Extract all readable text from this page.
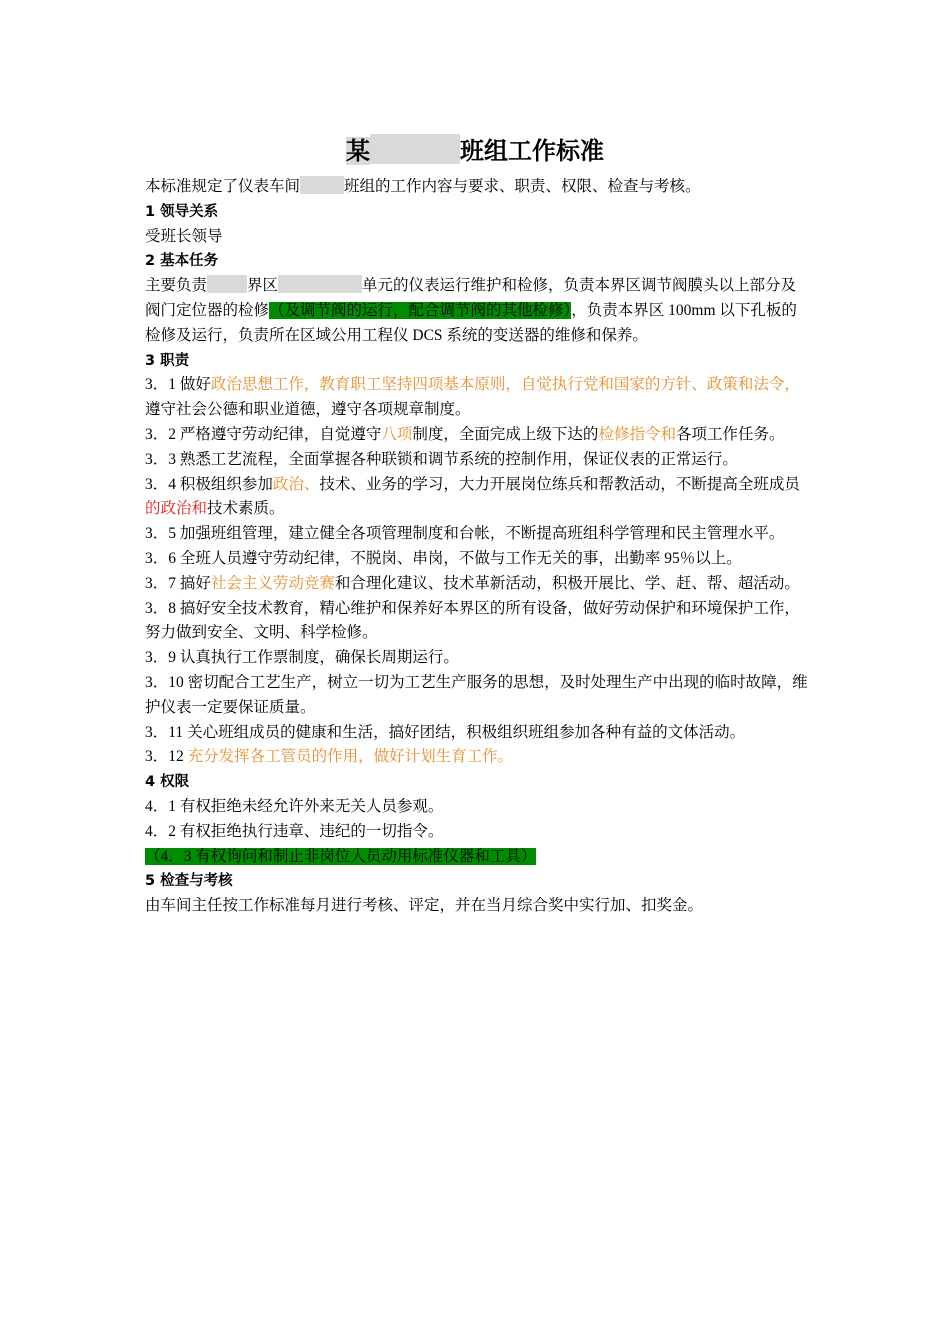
某	班组工作标准

本标准规定了仪表车间	班组的工作内容与要求、职责、权限、检查与考核。

1 领导关系

受班长领导

2 基本任务

主要负责	界区	单元的仪表运行维护和检修，负责本界区调节阀膜头以上部分及阀门定位器的检修（及调节阀的运行，配合调节阀的其他检修），负责本界区 100mm 以下孔板的检修及运行，负责所在区域公用工程仪 DCS 系统的变送器的维修和保养。

3 职责

3．1 做好政治思想工作，教育职工坚持四项基本原则，自觉执行党和国家的方针、政策和法令，遵守社会公德和职业道德，遵守各项规章制度。

3．2 严格遵守劳动纪律，自觉遵守八项制度，全面完成上级下达的检修指令和各项工作任务。

3．3 熟悉工艺流程，全面掌握各种联锁和调节系统的控制作用，保证仪表的正常运行。

3．4 积极组织参加政治、技术、业务的学习，大力开展岗位练兵和帮教活动，不断提高全班成员的政治和技术素质。

3．5 加强班组管理，建立健全各项管理制度和台帐，不断提高班组科学管理和民主管理水平。

3．6 全班人员遵守劳动纪律，不脱岗、串岗，不做与工作无关的事，出勤率 95％以上。

3．7 搞好社会主义劳动竞赛和合理化建议、技术革新活动，积极开展比、学、赶、帮、超活动。

3．8 搞好安全技术教育，精心维护和保养好本界区的所有设备，做好劳动保护和环境保护工作，努力做到安全、文明、科学检修。

3．9 认真执行工作票制度，确保长周期运行。

3．10 密切配合工艺生产，树立一切为工艺生产服务的思想，及时处理生产中出现的临时故障，维护仪表一定要保证质量。

3．11 关心班组成员的健康和生活，搞好团结，积极组织班组参加各种有益的文体活动。

3．12 充分发挥各工管员的作用，做好计划生育工作。

4 权限

4．1 有权拒绝未经允许外来无关人员参观。

4．2 有权拒绝执行违章、违纪的一切指令。

（4．3 有权询问和制止非岗位人员动用标准仪器和工具）

5 检查与考核

由车间主任按工作标准每月进行考核、评定，并在当月综合奖中实行加、扣奖金。
